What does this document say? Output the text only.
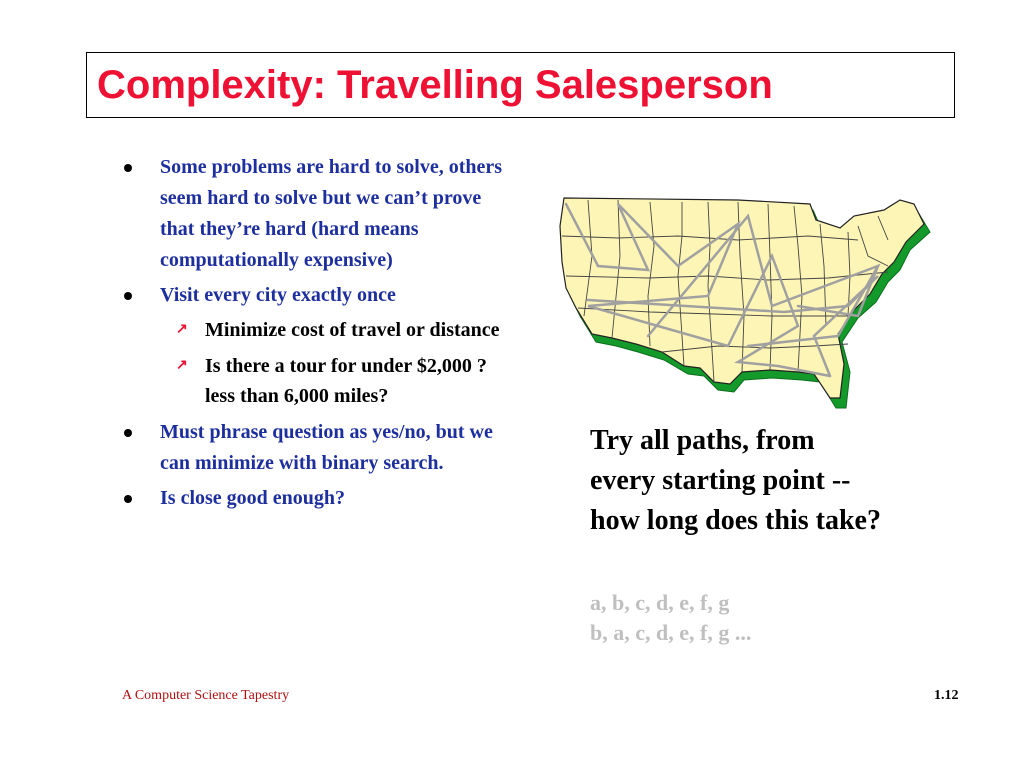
Complexity: Travelling Salesperson
Some problems are hard to solve, others seem hard to solve but we can’t prove that they’re hard (hard means computationally expensive)
Visit every city exactly once
↗ Minimize cost of travel or distance
↗ Is there a tour for under $2,000 ? less than 6,000 miles?
Must phrase question as yes/no, but we can minimize with binary search.
Is close good enough?
Try all paths, from
every starting point --
how long does this take?
a, b, c, d, e, f, g
b, a, c, d, e, f, g ...
A Computer Science Tapestry	1.12
